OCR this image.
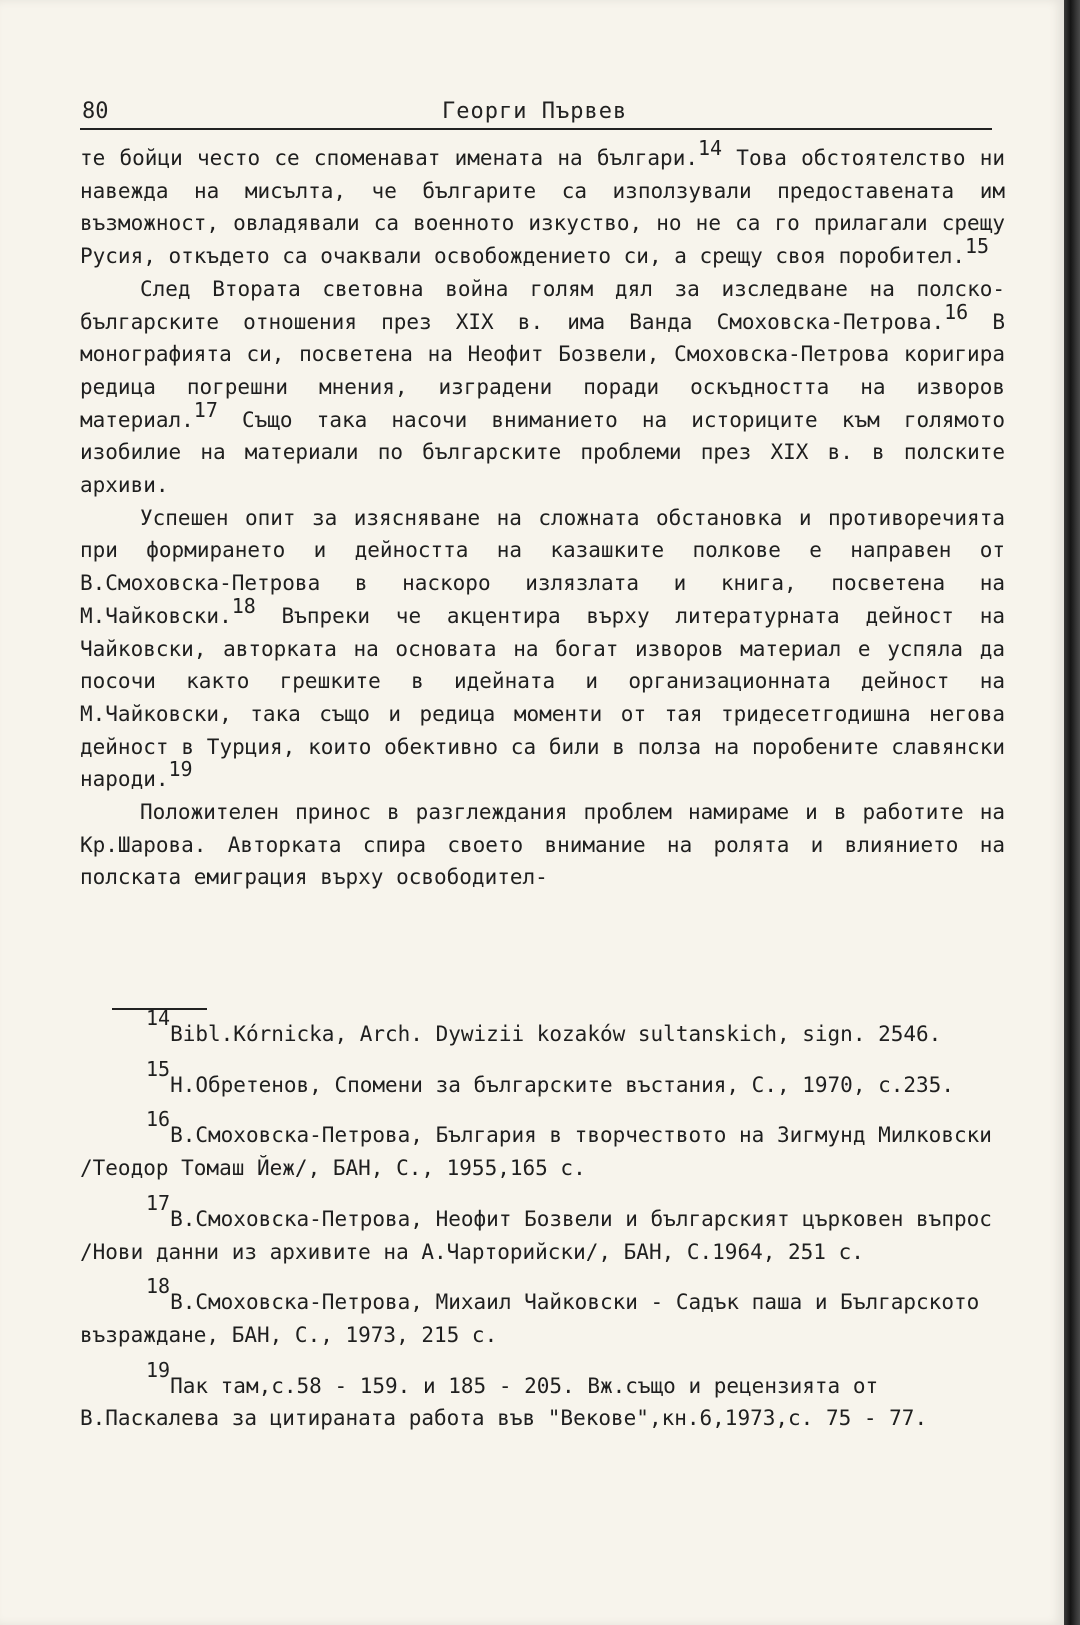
80	Георги Първев

те бойци често се споменават имената на българи.$^{14}$ Това обстоятелство ни навежда на мисълта, че българите са използували предоставената им възможност, овладявали са военното изкуство, но не са го прилагали срещу Русия, откъдето са очаквали освобождението си, а срещу своя поробител.$^{15}$

След Втората световна война голям дял за изследване на полско-българските отношения през XIX в. има Ванда Смоховска-Петрова.$^{16}$ В монографията си, посветена на Неофит Бозвели, Смоховска-Петрова коригира редица погрешни мнения, изградени поради оскъдността на изворов материал.$^{17}$ Също така насочи вниманието на историците към голямото изобилие на материали по българските проблеми през XIX в. в полските архиви.

Успешен опит за изясняване на сложната обстановка и противоречията при формирането и дейността на казашките полкове е направен от В.Смоховска-Петрова в наскоро излязлата и книга, посветена на М.Чайковски.$^{18}$ Въпреки че акцентира върху литературната дейност на Чайковски, авторката на основата на богат изворов материал е успяла да посочи както грешките в идейната и организационната дейност на М.Чайковски, така също и редица моменти от тая тридесетгодишна негова дейност в Турция, които обективно са били в полза на поробените славянски народи.$^{19}$

Положителен принос в разглеждания проблем намираме и в работите на Кр.Шарова. Авторката спира своето внимание на ролята и влиянието на полската емиграция върху освободител-

14Bibl.Kórnicka, Arch. Dywizii kozaków sultanskich, sign. 2546.
15Н.Обретенов, Спомени за българските въстания, С., 1970, с.235.
16В.Смоховска-Петрова, България в творчеството на Зигмунд Милковски /Теодор Томаш Йеж/, БАН, С., 1955,165 с.
17В.Смоховска-Петрова, Неофит Бозвели и българският църковен въпрос /Нови данни из архивите на А.Чарторийски/, БАН, С.1964, 251 с.
18В.Смоховска-Петрова, Михаил Чайковски - Садък паша и Българското възраждане, БАН, С., 1973, 215 с.
19Пак там,с.58 - 159. и 185 - 205. Вж.също и рецензията от В.Паскалева за цитираната работа във "Векове",кн.6,1973,с. 75 - 77.
